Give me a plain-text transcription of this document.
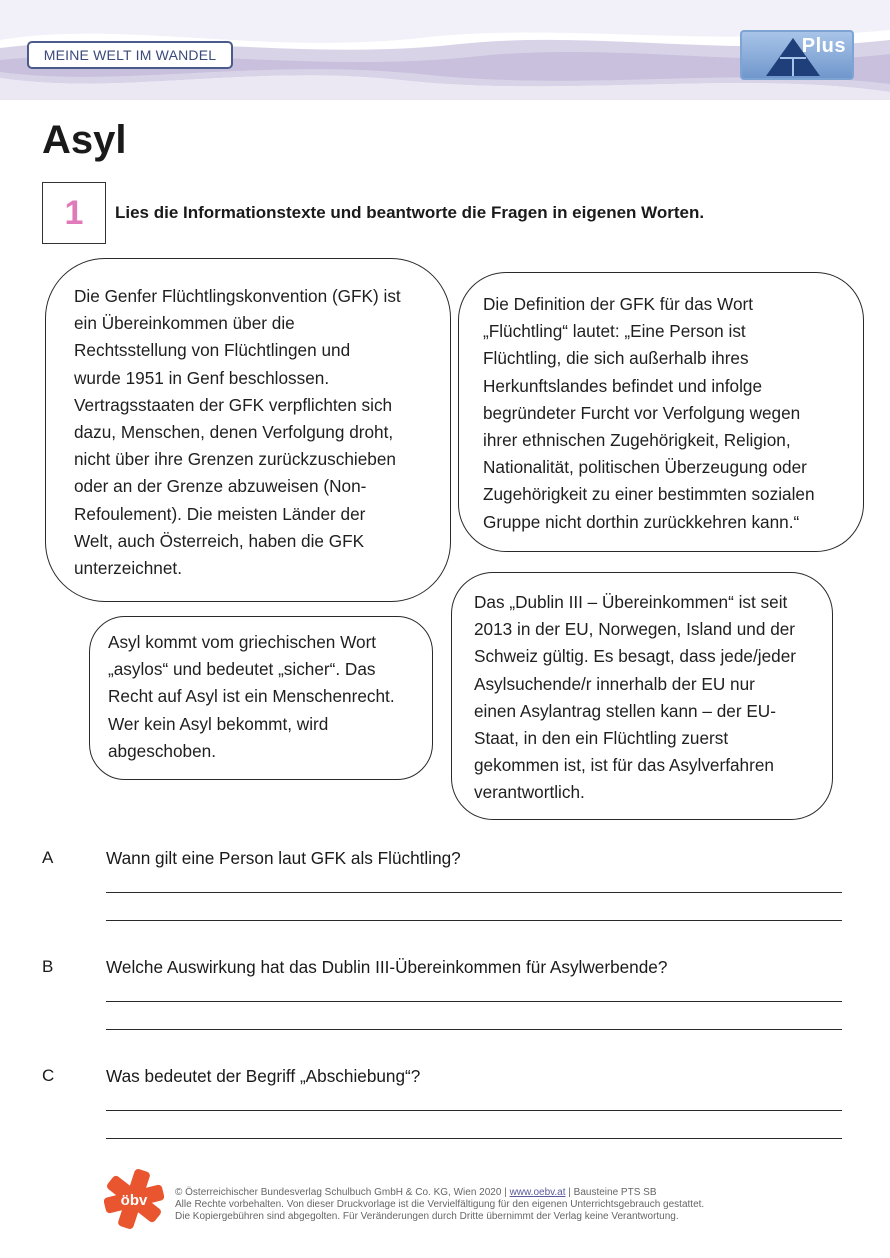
MEINE WELT IM WANDEL	Plus
Asyl
1	Lies die Informationstexte und beantworte die Fragen in eigenen Worten.
Die Genfer Flüchtlingskonvention (GFK) ist
ein Übereinkommen über die
Rechtsstellung von Flüchtlingen und
wurde 1951 in Genf beschlossen.
Vertragsstaaten der GFK verpflichten sich
dazu, Menschen, denen Verfolgung droht,
nicht über ihre Grenzen zurückzuschieben
oder an der Grenze abzuweisen (Non-
Refoulement). Die meisten Länder der
Welt, auch Österreich, haben die GFK
unterzeichnet.
Die Definition der GFK für das Wort
„Flüchtling“ lautet: „Eine Person ist
Flüchtling, die sich außerhalb ihres
Herkunftslandes befindet und infolge
begründeter Furcht vor Verfolgung wegen
ihrer ethnischen Zugehörigkeit, Religion,
Nationalität, politischen Überzeugung oder
Zugehörigkeit zu einer bestimmten sozialen
Gruppe nicht dorthin zurückkehren kann.“
Asyl kommt vom griechischen Wort
„asylos“ und bedeutet „sicher“. Das
Recht auf Asyl ist ein Menschenrecht.
Wer kein Asyl bekommt, wird
abgeschoben.
Das „Dublin III – Übereinkommen“ ist seit
2013 in der EU, Norwegen, Island und der
Schweiz gültig. Es besagt, dass jede/jeder
Asylsuchende/r innerhalb der EU nur
einen Asylantrag stellen kann – der EU-
Staat, in den ein Flüchtling zuerst
gekommen ist, ist für das Asylverfahren
verantwortlich.
A	Wann gilt eine Person laut GFK als Flüchtling?
B	Welche Auswirkung hat das Dublin III-Übereinkommen für Asylwerbende?
C	Was bedeutet der Begriff „Abschiebung“?
öbv	© Österreichischer Bundesverlag Schulbuch GmbH & Co. KG, Wien 2020 | www.oebv.at | Bausteine PTS SB
Alle Rechte vorbehalten. Von dieser Druckvorlage ist die Vervielfältigung für den eigenen Unterrichtsgebrauch gestattet.
Die Kopiergebühren sind abgegolten. Für Veränderungen durch Dritte übernimmt der Verlag keine Verantwortung.
